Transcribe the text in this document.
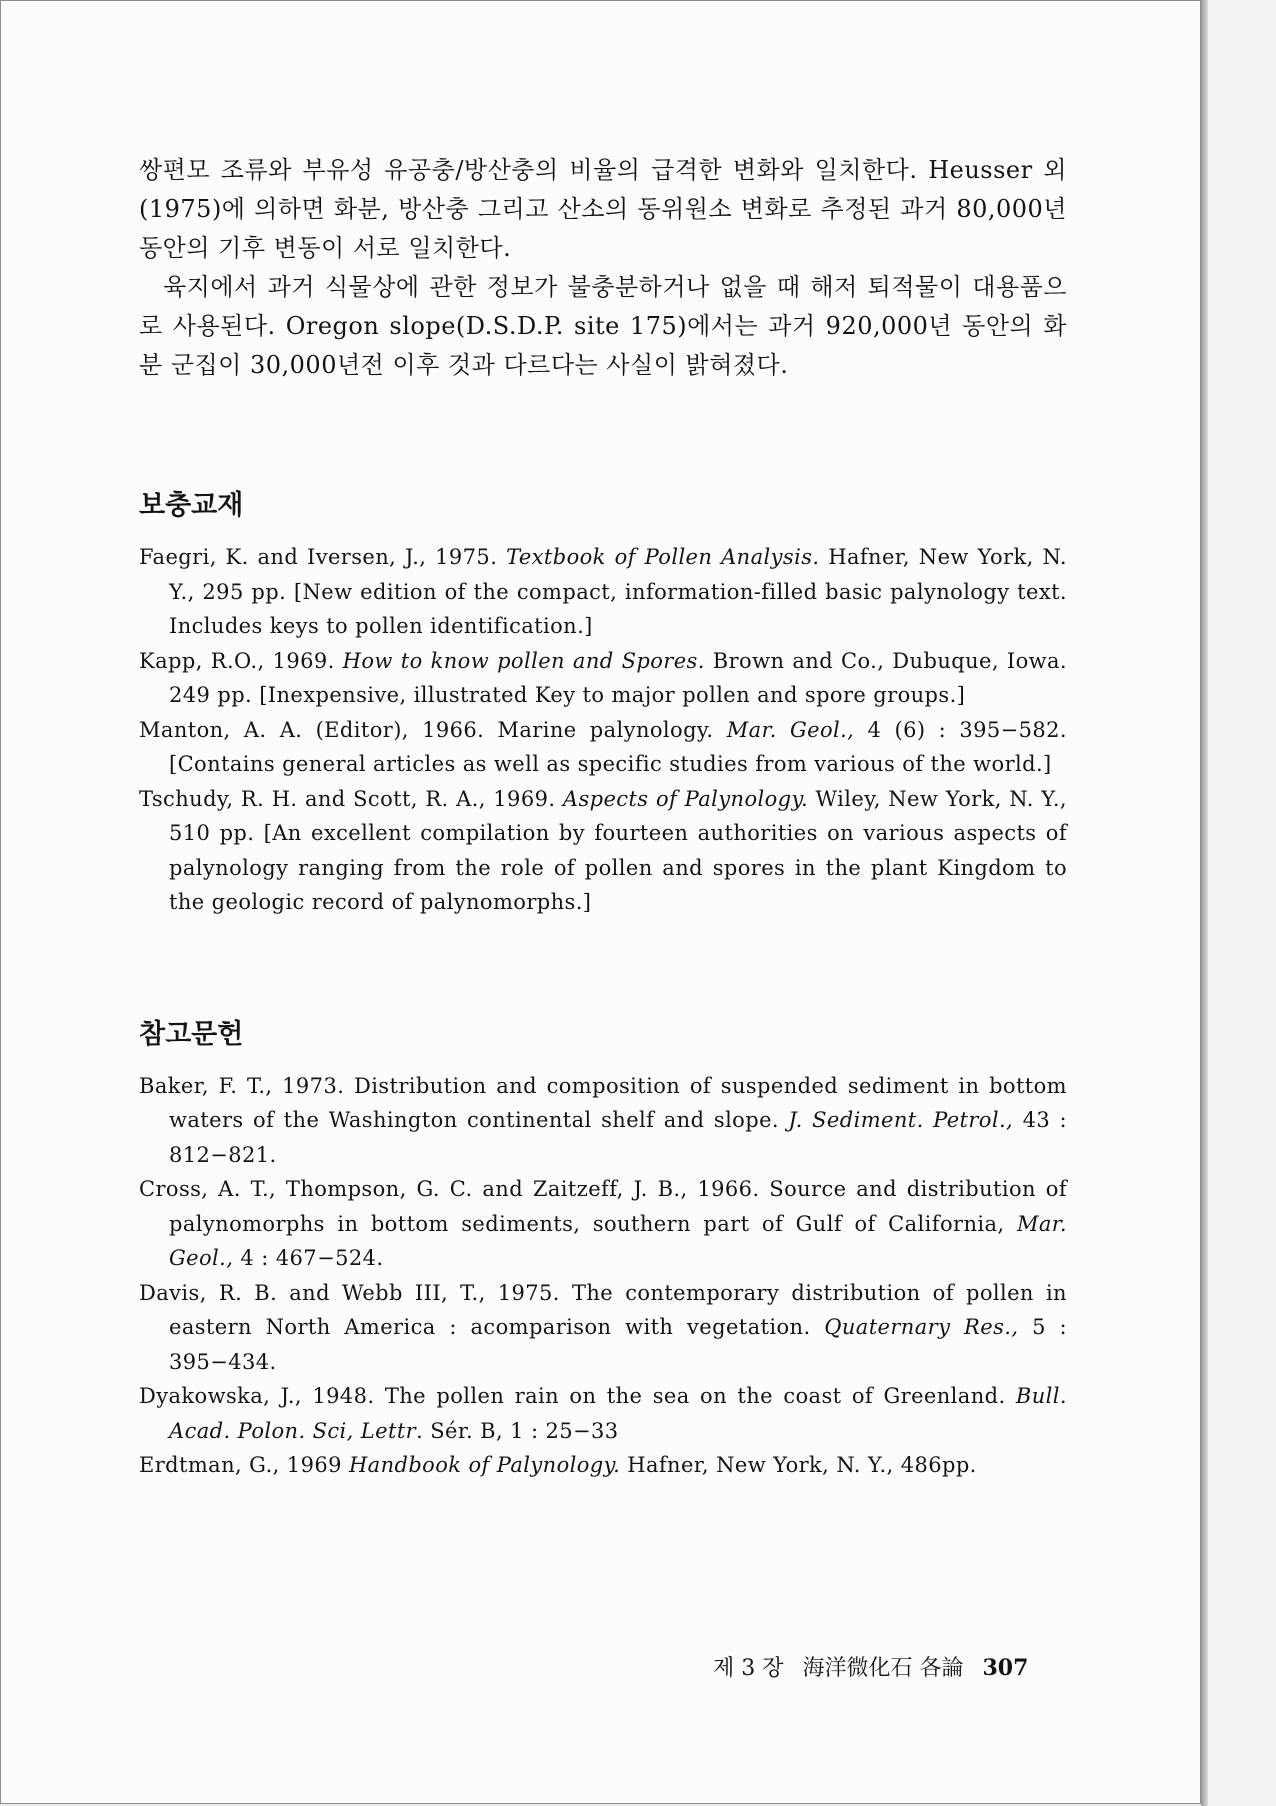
쌍편모 조류와 부유성 유공충/방산충의 비율의 급격한 변화와 일치한다. Heusser 외 (1975)에 의하면 화분, 방산충 그리고 산소의 동위원소 변화로 추정된 과거 80,000년 동안의 기후 변동이 서로 일치한다.

육지에서 과거 식물상에 관한 정보가 불충분하거나 없을 때 해저 퇴적물이 대용품으로 사용된다. Oregon slope(D.S.D.P. site 175)에서는 과거 920,000년 동안의 화분 군집이 30,000년전 이후 것과 다르다는 사실이 밝혀졌다.

보충교재
Faegri, K. and Iversen, J., 1975. Textbook of Pollen Analysis. Hafner, New York, N. Y., 295 pp. [New edition of the compact, information-filled basic palynology text. Includes keys to pollen identification.]
Kapp, R.O., 1969. How to know pollen and Spores. Brown and Co., Dubuque, Iowa. 249 pp. [Inexpensive, illustrated Key to major pollen and spore groups.]
Manton, A. A. (Editor), 1966. Marine palynology. Mar. Geol., 4 (6) : 395−582. [Contains general articles as well as specific studies from various of the world.]
Tschudy, R. H. and Scott, R. A., 1969. Aspects of Palynology. Wiley, New York, N. Y., 510 pp. [An excellent compilation by fourteen authorities on various aspects of palynology ranging from the role of pollen and spores in the plant Kingdom to the geologic record of palynomorphs.]
참고문헌
Baker, F. T., 1973. Distribution and composition of suspended sediment in bottom waters of the Washington continental shelf and slope. J. Sediment. Petrol., 43 : 812−821.
Cross, A. T., Thompson, G. C. and Zaitzeff, J. B., 1966. Source and distribution of palynomorphs in bottom sediments, southern part of Gulf of California, Mar. Geol., 4 : 467−524.
Davis, R. B. and Webb III, T., 1975. The contemporary distribution of pollen in eastern North America : acomparison with vegetation. Quaternary Res., 5 : 395−434.
Dyakowska, J., 1948. The pollen rain on the sea on the coast of Greenland. Bull. Acad. Polon. Sci, Lettr. Sér. B, 1 : 25−33
Erdtman, G., 1969 Handbook of Palynology. Hafner, New York, N. Y., 486pp.
제 3 장 海洋微化石 各論 307
